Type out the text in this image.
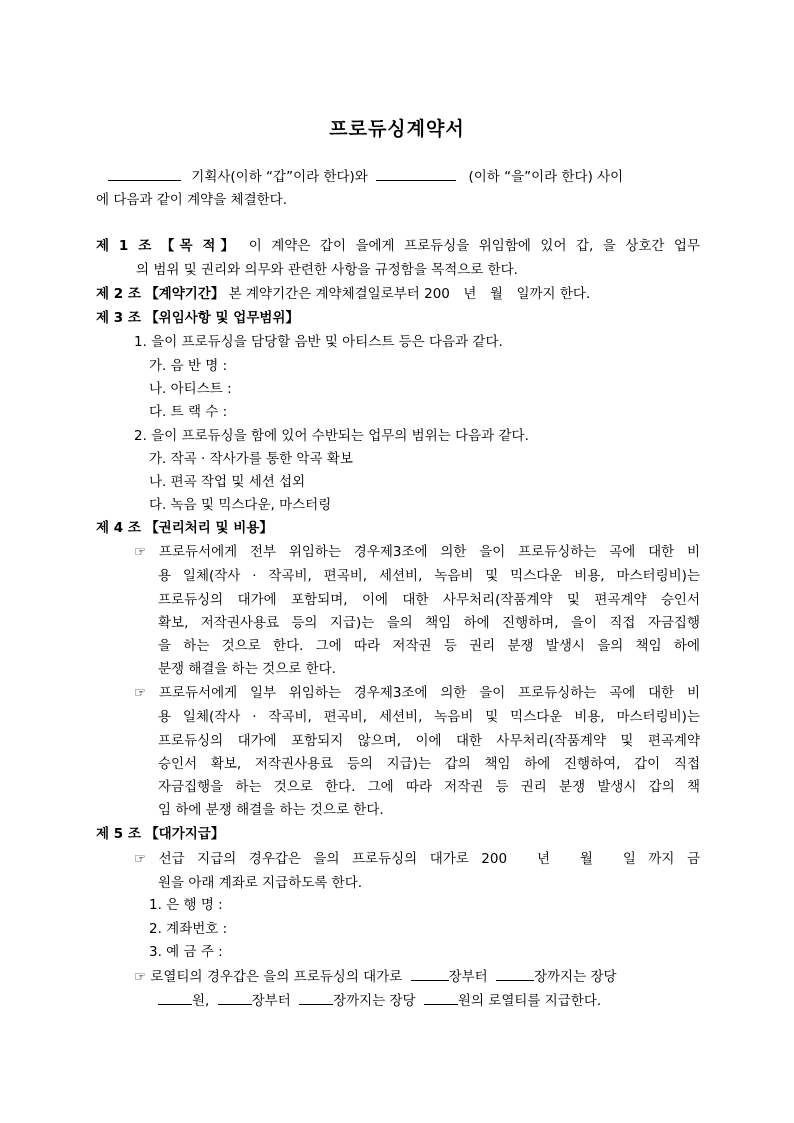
프로듀싱계약서
기획사(이하 “갑”이라 한다)와	(이하 “을”이라 한다) 사이
에 다음과 같이 계약을 체결한다.
제 1 조 【목 적】 이 계약은 갑이 을에게 프로듀싱을 위임함에 있어 갑, 을 상호간 업무
의 범위 및 권리와 의무와 관련한 사항을 규정함을 목적으로 한다.
제 2 조 【계약기간】 본 계약기간은 계약체결일로부터 200　년　월　일까지 한다.
제 3 조 【위임사항 및 업무범위】
1. 을이 프로듀싱을 담당할 음반 및 아티스트 등은 다음과 같다.
가. 음 반 명 :
나. 아티스트 :
다. 트 랙 수 :
2. 을이 프로듀싱을 함에 있어 수반되는 업무의 범위는 다음과 같다.
가. 작곡 · 작사가를 통한 악곡 확보
나. 편곡 작업 및 세션 섭외
다. 녹음 및 믹스다운, 마스터링
제 4 조 【권리처리 및 비용】
☞ 프로듀서에게 전부 위임하는 경우제3조에 의한 을이 프로듀싱하는 곡에 대한 비
용 일체(작사 · 작곡비, 편곡비, 세션비, 녹음비 및 믹스다운 비용, 마스터링비)는
프로듀싱의 대가에 포함되며, 이에 대한 사무처리(작품계약 및 편곡계약 승인서
확보, 저작권사용료 등의 지급)는 을의 책임 하에 진행하며, 을이 직접 자금집행
을 하는 것으로 한다. 그에 따라 저작권 등 권리 분쟁 발생시 을의 책임 하에
분쟁 해결을 하는 것으로 한다.
☞ 프로듀서에게 일부 위임하는 경우제3조에 의한 을이 프로듀싱하는 곡에 대한 비
용 일체(작사 · 작곡비, 편곡비, 세션비, 녹음비 및 믹스다운 비용, 마스터링비)는
프로듀싱의 대가에 포함되지 않으며, 이에 대한 사무처리(작품계약 및 편곡계약
승인서 확보, 저작권사용료 등의 지급)는 갑의 책임 하에 진행하여, 갑이 직접
자금집행을 하는 것으로 한다. 그에 따라 저작권 등 권리 분쟁 발생시 갑의 책
임 하에 분쟁 해결을 하는 것으로 한다.
제 5 조 【대가지급】
☞ 선급 지급의 경우갑은 을의 프로듀싱의 대가로 200　년　월　일 까지 금
원을 아래 계좌로 지급하도록 한다.
1. 은 행 명 :
2. 계좌번호 :
3. 예 금 주 :
☞ 로열티의 경우갑은 을의 프로듀싱의 대가로	장부터	장까지는 장당
원,	장부터	장까지는 장당	원의 로열티를 지급한다.
